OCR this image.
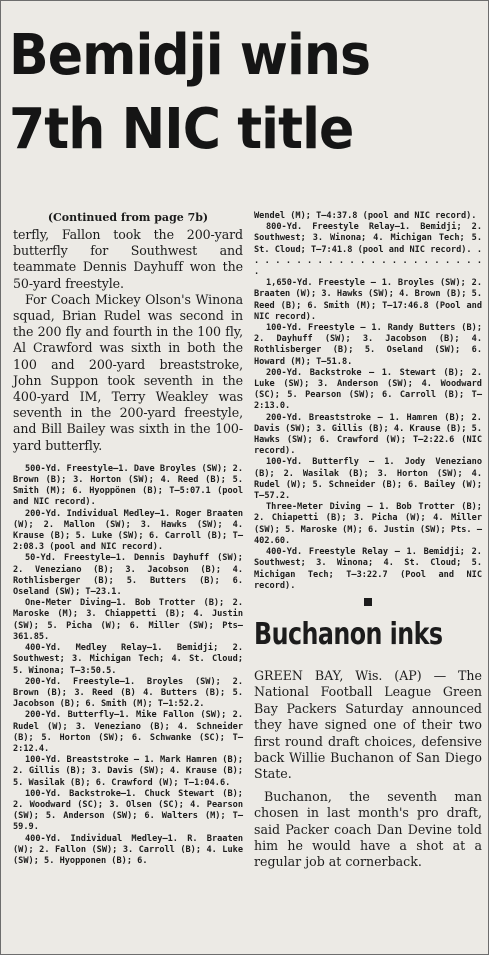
Bemidji wins
7th NIC title
(Continued from page 7b)

terfly, Fallon took the 200-yard butterfly for Southwest and teammate Dennis Dayhuff won the 50-yard freestyle.

For Coach Mickey Olson's Winona squad, Brian Rudel was second in the 200 fly and fourth in the 100 fly, Al Crawford was sixth in both the 100 and 200-yard breaststroke, John Suppon took seventh in the 400-yard IM, Terry Weakley was seventh in the 200-yard freestyle, and Bill Bailey was sixth in the 100-yard butterfly.

500-Yd. Freestyle—1. Dave Broyles (SW); 2. Brown (B); 3. Horton (SW); 4. Reed (B); 5. Smith (M); 6. Hyoppönen (B); T—5:07.1 (pool and NIC record).

200-Yd. Individual Medley—1. Roger Braaten (W); 2. Mallon (SW); 3. Hawks (SW); 4. Krause (B); 5. Luke (SW); 6. Carroll (B); T—2:08.3 (pool and NIC record).

50-Yd. Freestyle—1. Dennis Dayhuff (SW); 2. Veneziano (B); 3. Jacobson (B); 4. Rothlisberger (B); 5. Butters (B); 6. Oseland (SW); T—23.1.

One-Meter Diving—1. Bob Trotter (B); 2. Maroske (M); 3. Chiappetti (B); 4. Justin (SW); 5. Picha (W); 6. Miller (SW); Pts—361.85.

400-Yd. Medley Relay—1. Bemidji; 2. Southwest; 3. Michigan Tech; 4. St. Cloud; 5. Winona; T—3:50.5.

200-Yd. Freestyle—1. Broyles (SW); 2. Brown (B); 3. Reed (B) 4. Butters (B); 5. Jacobson (B); 6. Smith (M); T—1:52.2.

200-Yd. Butterfly—1. Mike Fallon (SW); 2. Rudel (W); 3. Veneziano (B); 4. Schneider (B); 5. Horton (SW); 6. Schwanke (SC); T—2:12.4.

100-Yd. Breaststroke — 1. Mark Hamren (B); 2. Gillis (B); 3. Davis (SW); 4. Krause (B); 5. Wasilak (B); 6. Crawford (W); T—1:04.6.

100-Yd. Backstroke—1. Chuck Stewart (B); 2. Woodward (SC); 3. Olsen (SC); 4. Pearson (SW); 5. Anderson (SW); 6. Walters (M); T—59.9.

400-Yd. Individual Medley—1. R. Braaten (W); 2. Fallon (SW); 3. Carroll (B); 4. Luke (SW); 5. Hyopponen (B); 6.

Wendel (M); T—4:37.8 (pool and NIC record).

800-Yd. Freestyle Relay—1. Bemidji; 2. Southwest; 3. Winona; 4. Michigan Tech; 5. St. Cloud; T—7:41.8 (pool and NIC record). . . . . . . . . . . . . . . . . . . . . . . . .

1,650-Yd. Freestyle — 1. Broyles (SW); 2. Braaten (W); 3. Hawks (SW); 4. Brown (B); 5. Reed (B); 6. Smith (M); T—17:46.8 (Pool and NIC record).

100-Yd. Freestyle — 1. Randy Butters (B); 2. Dayhuff (SW); 3. Jacobson (B); 4. Rothlisberger (B); 5. Oseland (SW); 6. Howard (M); T—51.8.

200-Yd. Backstroke — 1. Stewart (B); 2. Luke (SW); 3. Anderson (SW); 4. Woodward (SC); 5. Pearson (SW); 6. Carroll (B); T—2:13.0.

200-Yd. Breaststroke — 1. Hamren (B); 2. Davis (SW); 3. Gillis (B); 4. Krause (B); 5. Hawks (SW); 6. Crawford (W); T—2:22.6 (NIC record).

100-Yd. Butterfly — 1. Jody Veneziano (B); 2. Wasilak (B); 3. Horton (SW); 4. Rudel (W); 5. Schneider (B); 6. Bailey (W); T—57.2.

Three-Meter Diving — 1. Bob Trotter (B); 2. Chiapetti (B); 3. Picha (W); 4. Miller (SW); 5. Maroske (M); 6. Justin (SW); Pts. — 402.60.

400-Yd. Freestyle Relay — 1. Bemidji; 2. Southwest; 3. Winona; 4. St. Cloud; 5. Michigan Tech; T—3:22.7 (Pool and NIC record).

Buchanon inks

GREEN BAY, Wis. (AP) — The National Football League Green Bay Packers Saturday announced they have signed one of their two first round draft choices, defensive back Willie Buchanon of San Diego State.

Buchanon, the seventh man chosen in last month's pro draft, said Packer coach Dan Devine told him he would have a shot at a regular job at cornerback.
